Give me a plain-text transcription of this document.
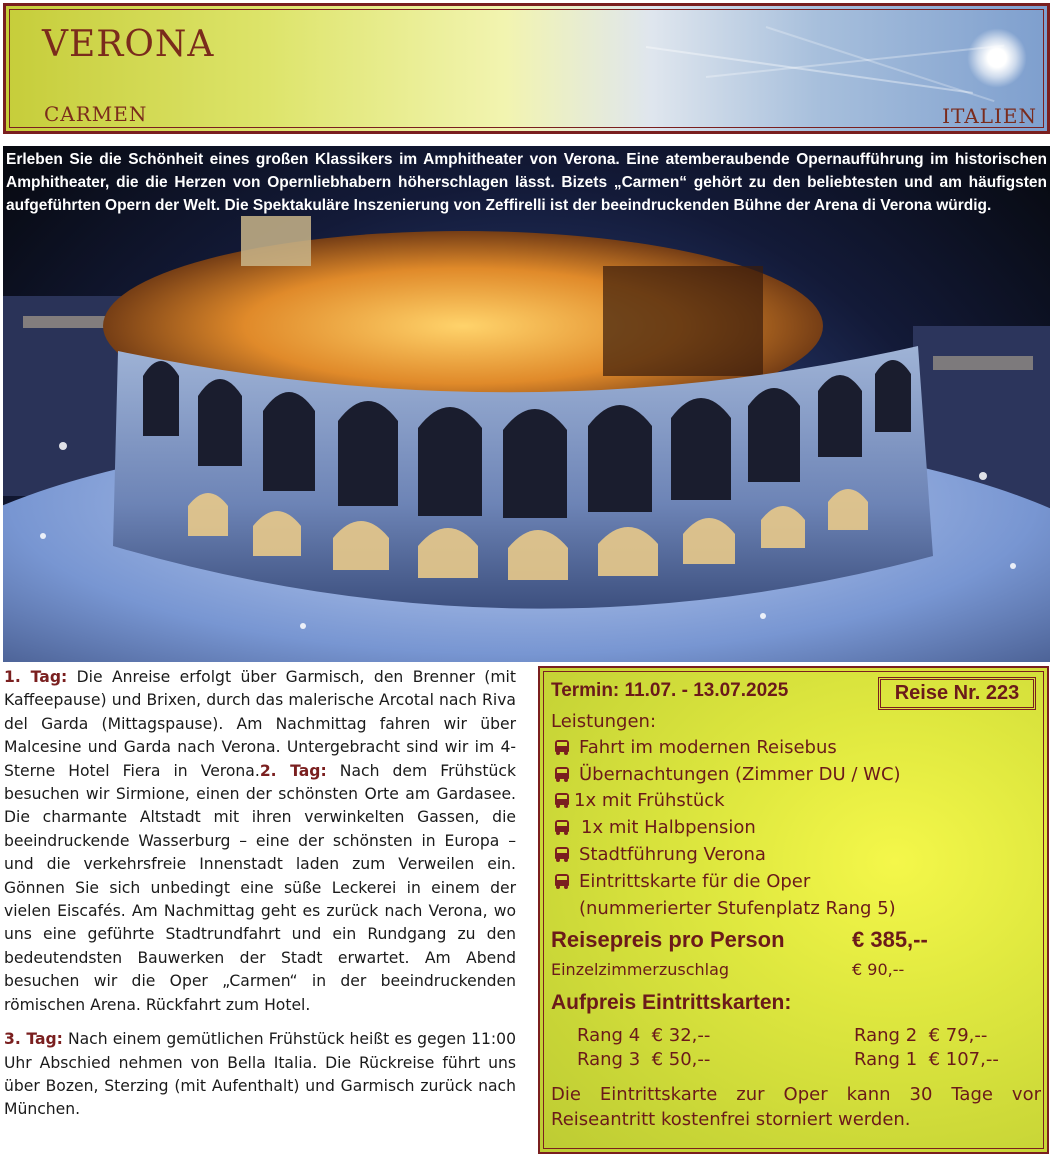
VERONA
CARMEN	ITALIEN
Erleben Sie die Schönheit eines großen Klassikers im Amphitheater von Verona. Eine atemberaubende Opernaufführung im historischen Amphitheater, die die Herzen von Opernliebhabern höherschlagen lässt. Bizets „Carmen“ gehört zu den beliebtesten und am häufigsten aufgeführten Opern der Welt. Die Spektakuläre Inszenierung von Zeffirelli ist der beeindruckenden Bühne der Arena di Verona würdig.

1. Tag: Die Anreise erfolgt über Garmisch, den Brenner (mit Kaffeepause) und Brixen, durch das malerische Arcotal nach Riva del Garda (Mittagspause). Am Nachmittag fahren wir über Malcesine und Garda nach Verona. Untergebracht sind wir im 4-Sterne Hotel Fiera in Verona.2. Tag: Nach dem Frühstück besuchen wir Sirmione, einen der schönsten Orte am Gardasee. Die charmante Altstadt mit ihren verwinkelten Gassen, die beeindruckende Wasserburg – eine der schönsten in Europa – und die verkehrsfreie Innenstadt laden zum Verweilen ein. Gönnen Sie sich unbedingt eine süße Leckerei in einem der vielen Eiscafés. Am Nachmittag geht es zurück nach Verona, wo uns eine geführte Stadtrundfahrt und ein Rundgang zu den bedeutendsten Bauwerken der Stadt erwartet. Am Abend besuchen wir die Oper „Carmen“ in der beeindruckenden römischen Arena. Rückfahrt zum Hotel.

3. Tag: Nach einem gemütlichen Frühstück heißt es gegen 11:00 Uhr Abschied nehmen von Bella Italia. Die Rückreise führt uns über Bozen, Sterzing (mit Aufenthalt) und Garmisch zurück nach München.

Termin: 11.07. - 13.07.2025	Reise Nr. 223
Leistungen:
Fahrt im modernen Reisebus
Übernachtungen (Zimmer DU / WC)
1x mit Frühstück
1x mit Halbpension
Stadtführung Verona
Eintrittskarte für die Oper
(nummerierter Stufenplatz Rang 5)
Reisepreis pro Person	€ 385,--
Einzelzimmerzuschlag	€ 90,--
Aufpreis Eintrittskarten:
Rang 4  € 32,--	Rang 2  € 79,--
Rang 3  € 50,--	Rang 1  € 107,--
Die Eintrittskarte zur Oper kann 30 Tage vor Reiseantritt kostenfrei storniert werden.
